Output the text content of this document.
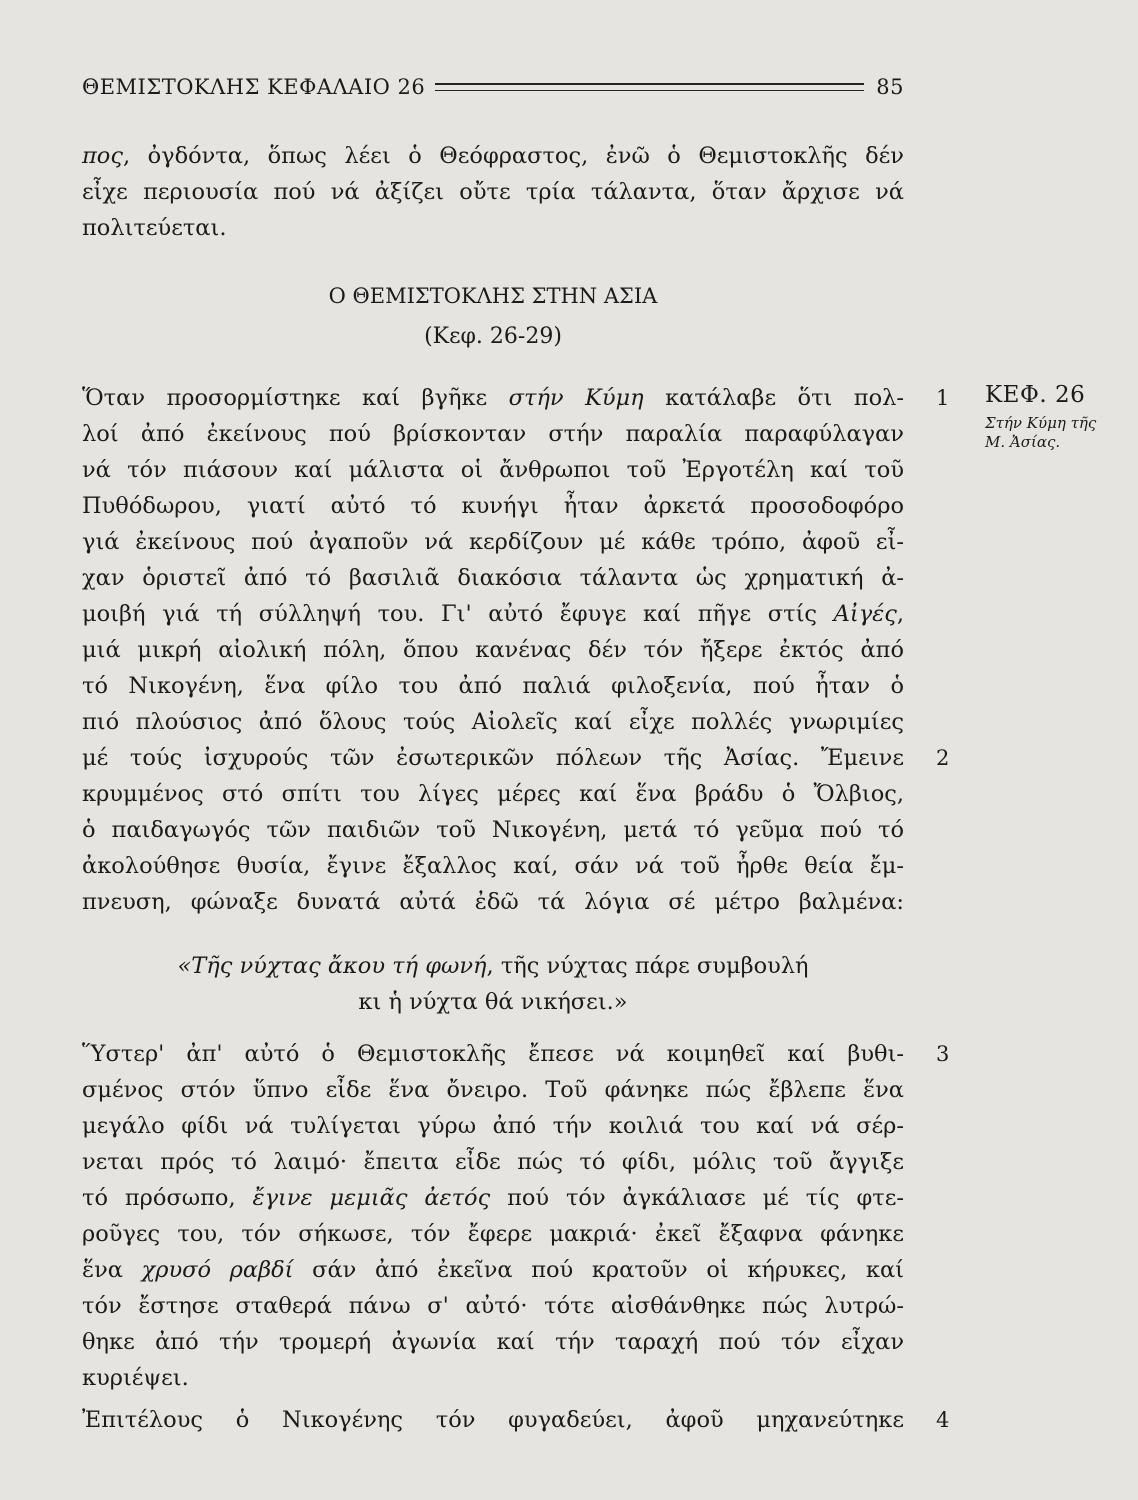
ΘΕΜΙΣΤΟΚΛΗΣ ΚΕΦΑΛΑΙΟ 26	85
πος, ὀγδόντα, ὅπως λέει ὁ Θεόφραστος, ἐνῶ ὁ Θεμιστοκλῆς δέν
εἶχε περιουσία πού νά ἀξίζει οὔτε τρία τάλαντα, ὅταν ἄρχισε νά
πολιτεύεται.
Ο ΘΕΜΙΣΤΟΚΛΗΣ ΣΤΗΝ ΑΣΙΑ
(Κεφ. 26-29)
ΚΕΦ. 26
Στήν Κύμη τῆς
Μ. Ἀσίας.
1
2
3
4
Ὅταν προσορμίστηκε καί βγῆκε στήν Κύμη κατάλαβε ὅτι πολ-
λοί ἀπό ἐκείνους πού βρίσκονταν στήν παραλία παραφύλαγαν
νά τόν πιάσουν καί μάλιστα οἱ ἄνθρωποι τοῦ Ἐργοτέλη καί τοῦ
Πυθόδωρου, γιατί αὐτό τό κυνήγι ἦταν ἀρκετά προσοδοφόρο
γιά ἐκείνους πού ἀγαποῦν νά κερδίζουν μέ κάθε τρόπο, ἀφοῦ εἶ-
χαν ὁριστεῖ ἀπό τό βασιλιᾶ διακόσια τάλαντα ὡς χρηματική ἀ-
μοιβή γιά τή σύλληψή του. Γι' αὐτό ἔφυγε καί πῆγε στίς Αἰγές,
μιά μικρή αἰολική πόλη, ὅπου κανένας δέν τόν ἤξερε ἐκτός ἀπό
τό Νικογένη, ἕνα φίλο του ἀπό παλιά φιλοξενία, πού ἦταν ὁ
πιό πλούσιος ἀπό ὅλους τούς Αἰολεῖς καί εἶχε πολλές γνωριμίες
μέ τούς ἰσχυρούς τῶν ἐσωτερικῶν πόλεων τῆς Ἀσίας. Ἔμεινε
κρυμμένος στό σπίτι του λίγες μέρες καί ἕνα βράδυ ὁ Ὄλβιος,
ὁ παιδαγωγός τῶν παιδιῶν τοῦ Νικογένη, μετά τό γεῦμα πού τό
ἀκολούθησε θυσία, ἔγινε ἔξαλλος καί, σάν νά τοῦ ἦρθε θεία ἔμ-
πνευση, φώναξε δυνατά αὐτά ἐδῶ τά λόγια σέ μέτρο βαλμένα:
«Τῆς νύχτας ἄκου τή φωνή, τῆς νύχτας πάρε συμβουλή
κι ἡ νύχτα θά νικήσει.»
Ὕστερ' ἀπ' αὐτό ὁ Θεμιστοκλῆς ἔπεσε νά κοιμηθεῖ καί βυθι-
σμένος στόν ὕπνο εἶδε ἕνα ὄνειρο. Τοῦ φάνηκε πώς ἔβλεπε ἕνα
μεγάλο φίδι νά τυλίγεται γύρω ἀπό τήν κοιλιά του καί νά σέρ-
νεται πρός τό λαιμό· ἔπειτα εἶδε πώς τό φίδι, μόλις τοῦ ἄγγιξε
τό πρόσωπο, ἔγινε μεμιᾶς ἀετός πού τόν ἀγκάλιασε μέ τίς φτε-
ροῦγες του, τόν σήκωσε, τόν ἔφερε μακριά· ἐκεῖ ἔξαφνα φάνηκε
ἕνα χρυσό ραβδί σάν ἀπό ἐκεῖνα πού κρατοῦν οἱ κήρυκες, καί
τόν ἔστησε σταθερά πάνω σ' αὐτό· τότε αἰσθάνθηκε πώς λυτρώ-
θηκε ἀπό τήν τρομερή ἀγωνία καί τήν ταραχή πού τόν εἶχαν
κυριέψει.
Ἐπιτέλους ὁ Νικογένης τόν φυγαδεύει, ἀφοῦ μηχανεύτηκε
